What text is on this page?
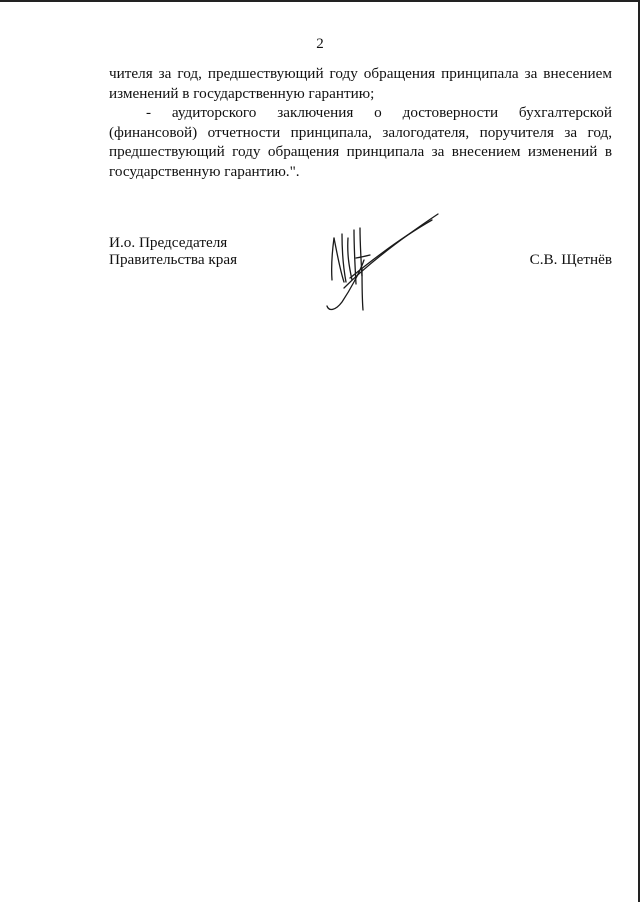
2

чителя за год, предшествующий году обращения принципала за внесением изменений в государственную гарантию;

- аудиторского заключения о достоверности бухгалтерской (финансовой) отчетности принципала, залогодателя, поручителя за год, предшествующий году обращения принципала за внесением изменений в государственную гарантию.".

И.о. Председателя
Правительства края	С.В. Щетнёв
